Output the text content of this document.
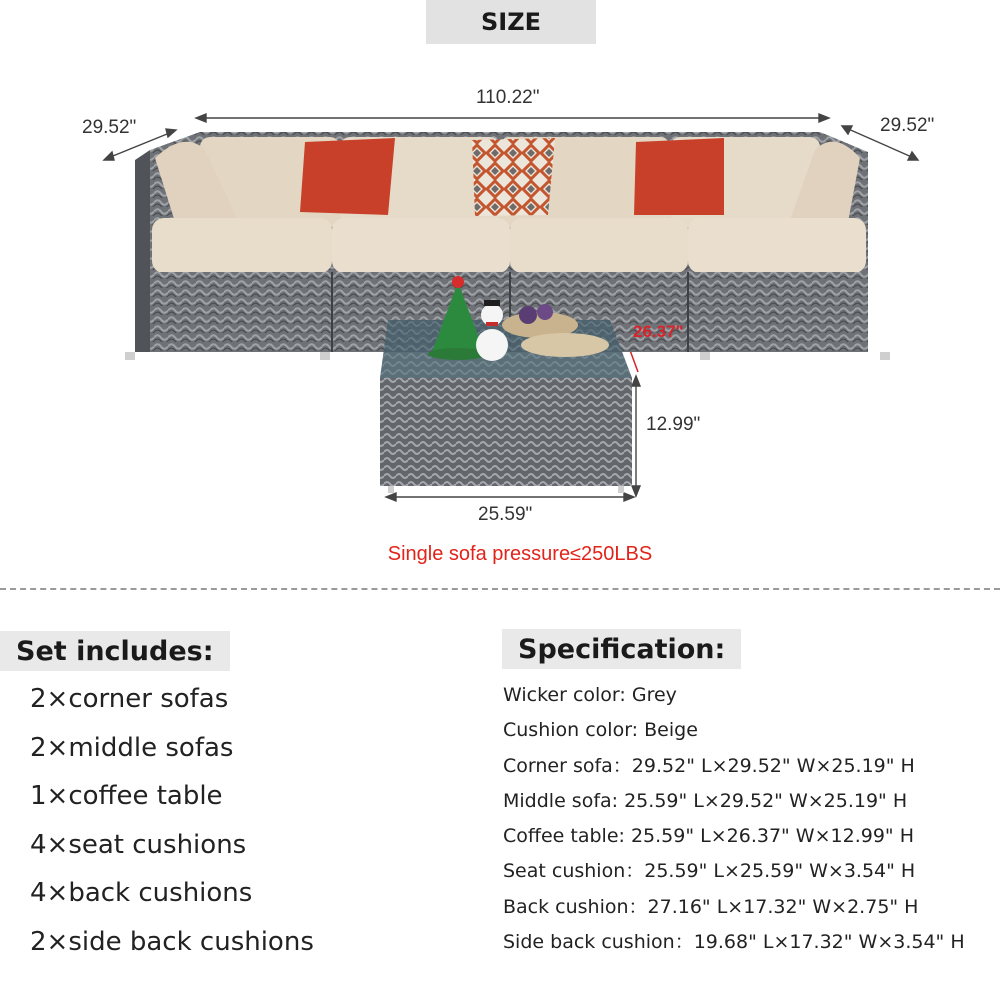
SIZE
110.22"
29.52"	29.52"
26.37"
12.99"
25.59"
Single sofa pressure≤250LBS
Set includes:
2×corner sofas
2×middle sofas
1×coffee table
4×seat cushions
4×back cushions
2×side back cushions
Specification:
Wicker color: Grey
Cushion color: Beige
Corner sofa：29.52" L×29.52" W×25.19" H
Middle sofa: 25.59" L×29.52" W×25.19" H
Coffee table: 25.59" L×26.37" W×12.99" H
Seat cushion：25.59" L×25.59" W×3.54" H
Back cushion：27.16" L×17.32" W×2.75" H
Side back cushion：19.68" L×17.32" W×3.54" H
